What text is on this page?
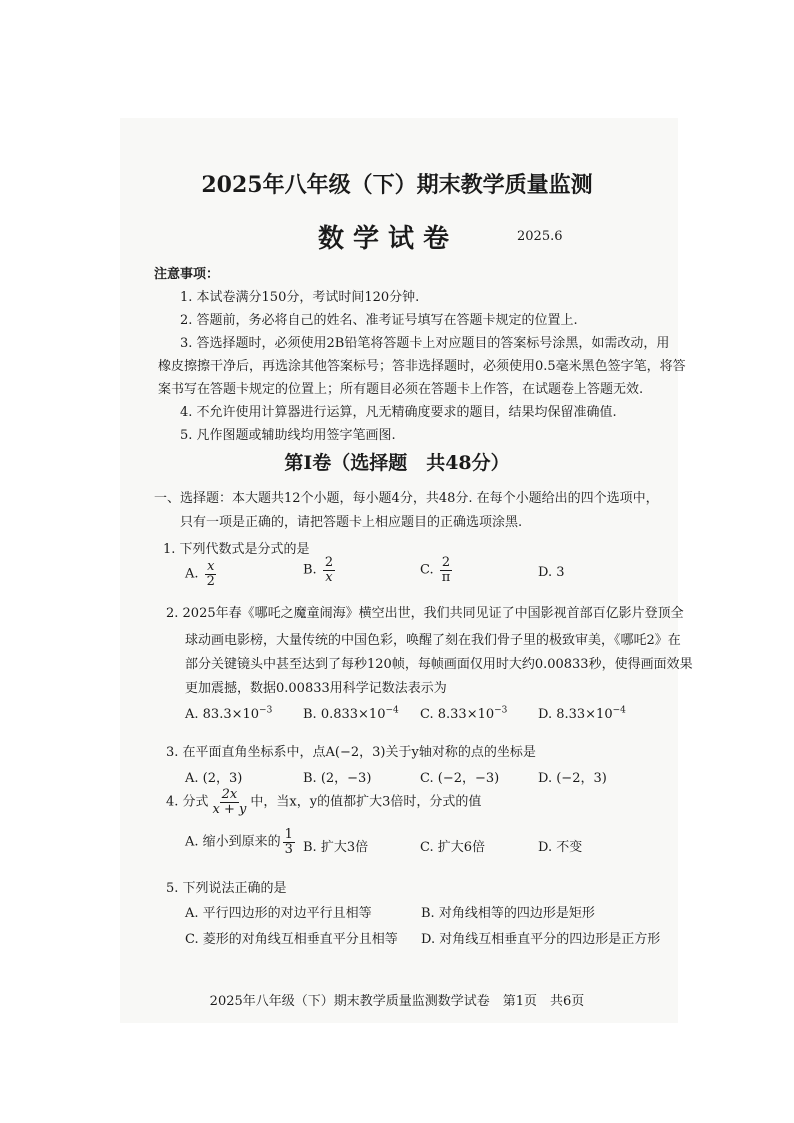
2025年八年级（下）期末教学质量监测
数学试卷	2025.6
注意事项：
1. 本试卷满分150分，考试时间120分钟.
2. 答题前，务必将自己的姓名、准考证号填写在答题卡规定的位置上.
3. 答选择题时，必须使用2B铅笔将答题卡上对应题目的答案标号涂黑，如需改动，用
橡皮擦擦干净后，再选涂其他答案标号；答非选择题时，必须使用0.5毫米黑色签字笔，将答
案书写在答题卡规定的位置上；所有题目必须在答题卡上作答，在试题卷上答题无效.
4. 不允许使用计算器进行运算，凡无精确度要求的题目，结果均保留准确值.
5. 凡作图题或辅助线均用签字笔画图.
第Ⅰ卷（选择题　共48分）
一、选择题：本大题共12个小题，每小题4分，共48分. 在每个小题给出的四个选项中，
只有一项是正确的，请把答题卡上相应题目的正确选项涂黑.
1. 下列代数式是分式的是
A. $\frac{x}{2}$	B. $\frac{2}{x}$	C. $\frac{2}{\pi}$	D. 3
2. 2025年春《哪吒之魔童闹海》横空出世，我们共同见证了中国影视首部百亿影片登顶全
球动画电影榜，大量传统的中国色彩，唤醒了刻在我们骨子里的极致审美，《哪吒2》在
部分关键镜头中甚至达到了每秒120帧，每帧画面仅用时大约0.00833秒，使得画面效果
更加震撼，数据0.00833用科学记数法表示为
A. $83.3\times 10^{-3}$ B. $0.833\times 10^{-4}$ C. $8.33\times 10^{-3}$ D. $8.33\times 10^{-4}$
3. 在平面直角坐标系中，点A(−2，3)关于y轴对称的点的坐标是
A. (2，3)	B. (2，−3)	C. (−2，−3)	D. (−2，3)
4. 分式 $\frac{2x}{x + y}$ 中，当x，y的值都扩大3倍时，分式的值
A. 缩小到原来的 $\frac{1}{3} B$. 扩大3倍	C. 扩大6倍	D. 不变
5. 下列说法正确的是
A. 平行四边形的对边平行且相等	B. 对角线相等的四边形是矩形
C. 菱形的对角线互相垂直平分且相等 D. 对角线互相垂直平分的四边形是正方形
2025年八年级（下）期末教学质量监测数学试卷　第1页　共6页
